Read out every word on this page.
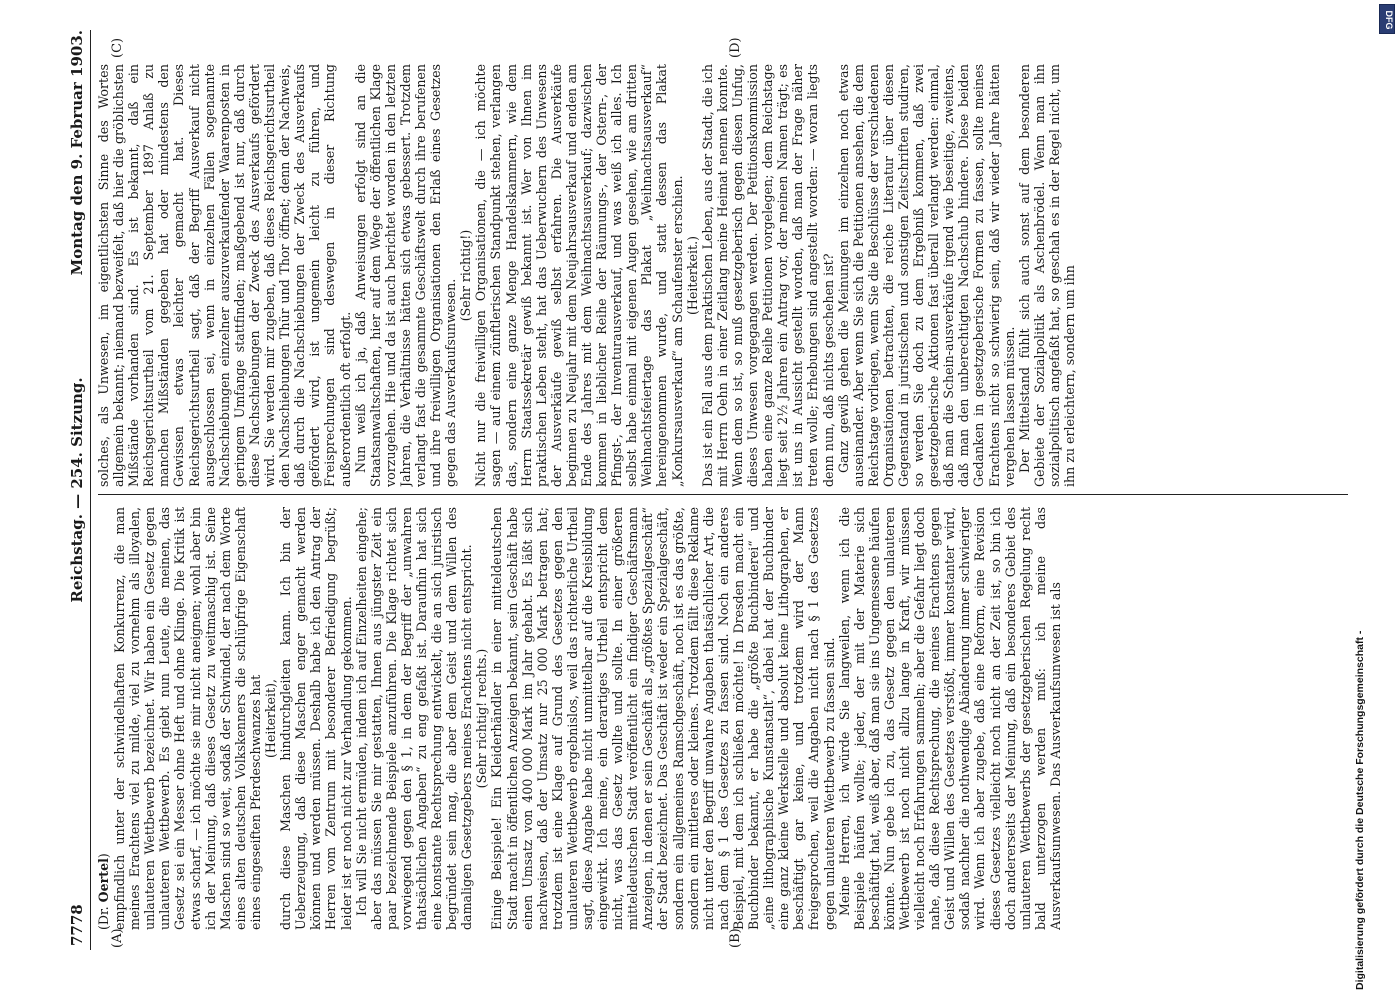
7778
Reichstag. — 254. Sitzung.
Montag den 9. Februar 1903.
(Dr. Oertel) empfindlich unter der schwindelhaften Konkurrenz, die man meines Erachtens viel zu milde, viel zu vornehm als illoyalen, unlauteren Wettbewerb bezeichnet. Wir haben ein Gesetz gegen unlauteren Wettbewerb. Es giebt nun Leute, die meinen, das Gesetz sei ein Messer ohne Heft und ohne Klinge. Die Kritik ist etwas scharf, — ich möchte sie mir nicht aneignen; wohl aber bin ich der Meinung, daß dieses Gesetz zu weitmaschig ist. Seine Maschen sind so weit, sodaß der Schwindel, der nach dem Worte eines alten deutschen Volkskenners die schlüpfrige Eigenschaft eines eingeseiften Pferdeschwanzes hat (Heiterkeit), durch diese Maschen hindurchgleiten kann. Ich bin der Ueberzeugung, daß diese Maschen enger gemacht werden können und werden müssen. Deshalb habe ich den Antrag der Herren vom Zentrum mit besonderer Befriedigung begrüßt; leider ist er noch nicht zur Verhandlung gekommen. Ich will Sie nicht ermüden, indem ich auf Einzelheiten eingehe; aber das müssen Sie mir gestatten, Ihnen aus jüngster Zeit ein paar bezeichnende Beispiele anzuführen. Die Klage richtet sich vorwiegend gegen den § 1, in dem der Begriff der „unwahren thatsächlichen Angaben“ zu eng gefaßt ist. Daraufhin hat sich eine konstante Rechtsprechung entwickelt, die an sich juristisch begründet sein mag, die aber dem Geist und dem Willen des damaligen Gesetzgebers meines Erachtens nicht entspricht. (Sehr richtig! rechts.) Einige Beispiele! Ein Kleiderhändler in einer mitteldeutschen Stadt macht in öffentlichen Anzeigen bekannt, sein Geschäft habe einen Umsatz von 400 000 Mark im Jahr gehabt. Es läßt sich nachweisen, daß der Umsatz nur 25 000 Mark betragen hat; trotzdem ist eine Klage auf Grund des Gesetzes gegen den unlauteren Wettbewerb ergebnislos, weil das richterliche Urtheil sagt, diese Angabe habe nicht unmittelbar auf die Kreisbildung eingewirkt. Ich meine, ein derartiges Urtheil entspricht dem nicht, was das Gesetz wollte und sollte. In einer größeren mitteldeutschen Stadt veröffentlicht ein findiger Geschäftsmann Anzeigen, in denen er sein Geschäft als „größtes Spezialgeschäft“ der Stadt bezeichnet. Das Geschäft ist weder ein Spezialgeschäft, sondern ein allgemeines Ramschgeschäft, noch ist es das größte, sondern ein mittleres oder kleines. Trotzdem fällt diese Reklame nicht unter den Begriff unwahre Angaben thatsächlicher Art, die nach dem § 1 des Gesetzes zu fassen sind. Noch ein anderes Beispiel, mit dem ich schließen möchte! In Dresden macht ein Buchbinder bekannt, er habe die „größte Buchbinderei“ und „eine lithographische Kunstanstalt“, dabei hat der Buchbinder eine ganz kleine Werkstelle und absolut keine Lithographen, er beschäftigt gar keine, und trotzdem wird der Mann freigesprochen, weil die Angaben nicht nach § 1 des Gesetzes gegen unlauteren Wettbewerb zu fassen sind. Meine Herren, ich würde Sie langweilen, wenn ich die Beispiele häufen wollte; jeder, der mit der Materie sich beschäftigt hat, weiß aber, daß man sie ins Ungemessene häufen könnte. Nun gebe ich zu, das Gesetz gegen den unlauteren Wettbewerb ist noch nicht allzu lange in Kraft, wir müssen vielleicht noch Erfahrungen sammeln; aber die Gefahr liegt doch nahe, daß diese Rechtsprechung, die meines Erachtens gegen Geist und Willen des Gesetzes verstößt, immer konstanter wird, sodaß nachher die nothwendige Abänderung immer schwieriger wird. Wenn ich aber zugebe, daß eine Reform, eine Revision dieses Gesetzes vielleicht noch nicht an der Zeit ist, so bin ich doch andererseits der Meinung, daß ein besonderes Gebiet des unlauteren Wettbewerbs der gesetzgeberischen Regelung recht bald unterzogen werden muß: ich meine das Ausverkaufsunwesen. Das Ausverkaufsunwesen ist als

solches, als Unwesen, im eigentlichsten Sinne des Wortes allgemein bekannt; niemand bezweifelt, daß hier die gröblichsten Mißstände vorhanden sind. Es ist bekannt, daß ein Reichsgerichtsurtheil vom 21. September 1897 Anlaß zu manchen Mißständen gegeben hat oder mindestens den Gewissen etwas leichter gemacht hat. Dieses Reichsgerichtsurtheil sagt, daß der Begriff Ausverkauf nicht ausgeschlossen sei, wenn in einzelnen Fällen sogenannte Nachschiebungen einzelner auszuverkaufender Waarenposten in geringem Umfange stattfinden; maßgebend ist nur, daß durch diese Nachschiebungen der Zweck des Ausverkaufs gefördert wird. Sie werden mir zugeben, daß dieses Reichsgerichtsurtheil den Nachschiebungen Thür und Thor öffnet; denn der Nachweis, daß durch die Nachschiebungen der Zweck des Ausverkaufs gefördert wird, ist ungemein leicht zu führen, und Freisprechungen sind deswegen in dieser Richtung außerordentlich oft erfolgt. Nun weiß ich ja, daß Anweisungen erfolgt sind an die Staatsanwaltschaften, hier auf dem Wege der öffentlichen Klage vorzugehen. Hie und da ist auch berichtet worden in den letzten Jahren, die Verhältnisse hätten sich etwas gebessert. Trotzdem verlangt fast die gesammte Geschäftswelt durch ihre berufenen und ihre freiwilligen Organisationen den Erlaß eines Gesetzes gegen das Ausverkaufsunwesen.

(Sehr richtig!) Nicht nur die freiwilligen Organisationen, die — ich möchte sagen — auf einem zünftlerischen Standpunkt stehen, verlangen das, sondern eine ganze Menge Handelskammern, wie dem Herrn Staatssekretär gewiß bekannt ist. Wer von Ihnen im praktischen Leben steht, hat das Ueberwuchern des Unwesens der Ausverkäufe gewiß selbst erfahren. Die Ausverkäufe beginnen zu Neujahr mit dem Neujahrsausverkauf und enden am Ende des Jahres mit dem Weihnachtsausverkauf; dazwischen kommen in lieblicher Reihe der Räumungs-, der Ostern-, der Pfingst-, der Inventurausverkauf, und was weiß ich alles. Ich selbst habe einmal mit eigenen Augen gesehen, wie am dritten Weihnachtsfeiertage das Plakat „Weihnachtsausverkauf“ hereingenommen wurde, und statt dessen das Plakat „Konkursausverkauf“ am Schaufenster erschien. (Heiterkeit.) Das ist ein Fall aus dem praktischen Leben, aus der Stadt, die ich mit Herrn Oehn in einer Zeitlang meine Heimat nennen konnte. Wenn dem so ist, so muß gesetzgeberisch gegen diesen Unfug, dieses Unwesen vorgegangen werden. Der Petitionskommission haben eine ganze Reihe Petitionen vorgelegen; dem Reichstage liegt seit 2½ Jahren ein Antrag vor, der meinen Namen trägt; es ist uns in Aussicht gestellt worden, daß man der Frage näher treten wolle; Erhebungen sind angestellt worden: — woran liegts denn nun, daß nichts geschehen ist? Ganz gewiß gehen die Meinungen im einzelnen noch etwas auseinander. Aber wenn Sie sich die Petitionen ansehen, die dem Reichstage vorliegen, wenn Sie die Beschlüsse der verschiedenen Organisationen betrachten, die reiche Literatur über diesen Gegenstand in juristischen und sonstigen Zeitschriften studiren, so werden Sie doch zu dem Ergebniß kommen, daß zwei gesetzgeberische Aktionen fast überall verlangt werden: einmal, daß man die Schein-ausverkäufe irgend wie beseitige, zweitens, daß man den unberechtigten Nachschub hindere. Diese beiden Gedanken in gesetzgeberische Formen zu fassen, sollte meines Erachtens nicht so schwierig sein, daß wir wieder Jahre hätten vergehen lassen müssen. Der Mittelstand fühlt sich auch sonst auf dem besonderen Gebiete der Sozialpolitik als Aschenbrödel. Wenn man ihn sozialpolitisch angefaßt hat, so geschah es in der Regel nicht, um ihn zu erleichtern, sondern um ihn

(A)	(B)
(C)	(D)
Digitalisierung gefördert durch die Deutsche Forschungsgemeinschaft -
DFG
